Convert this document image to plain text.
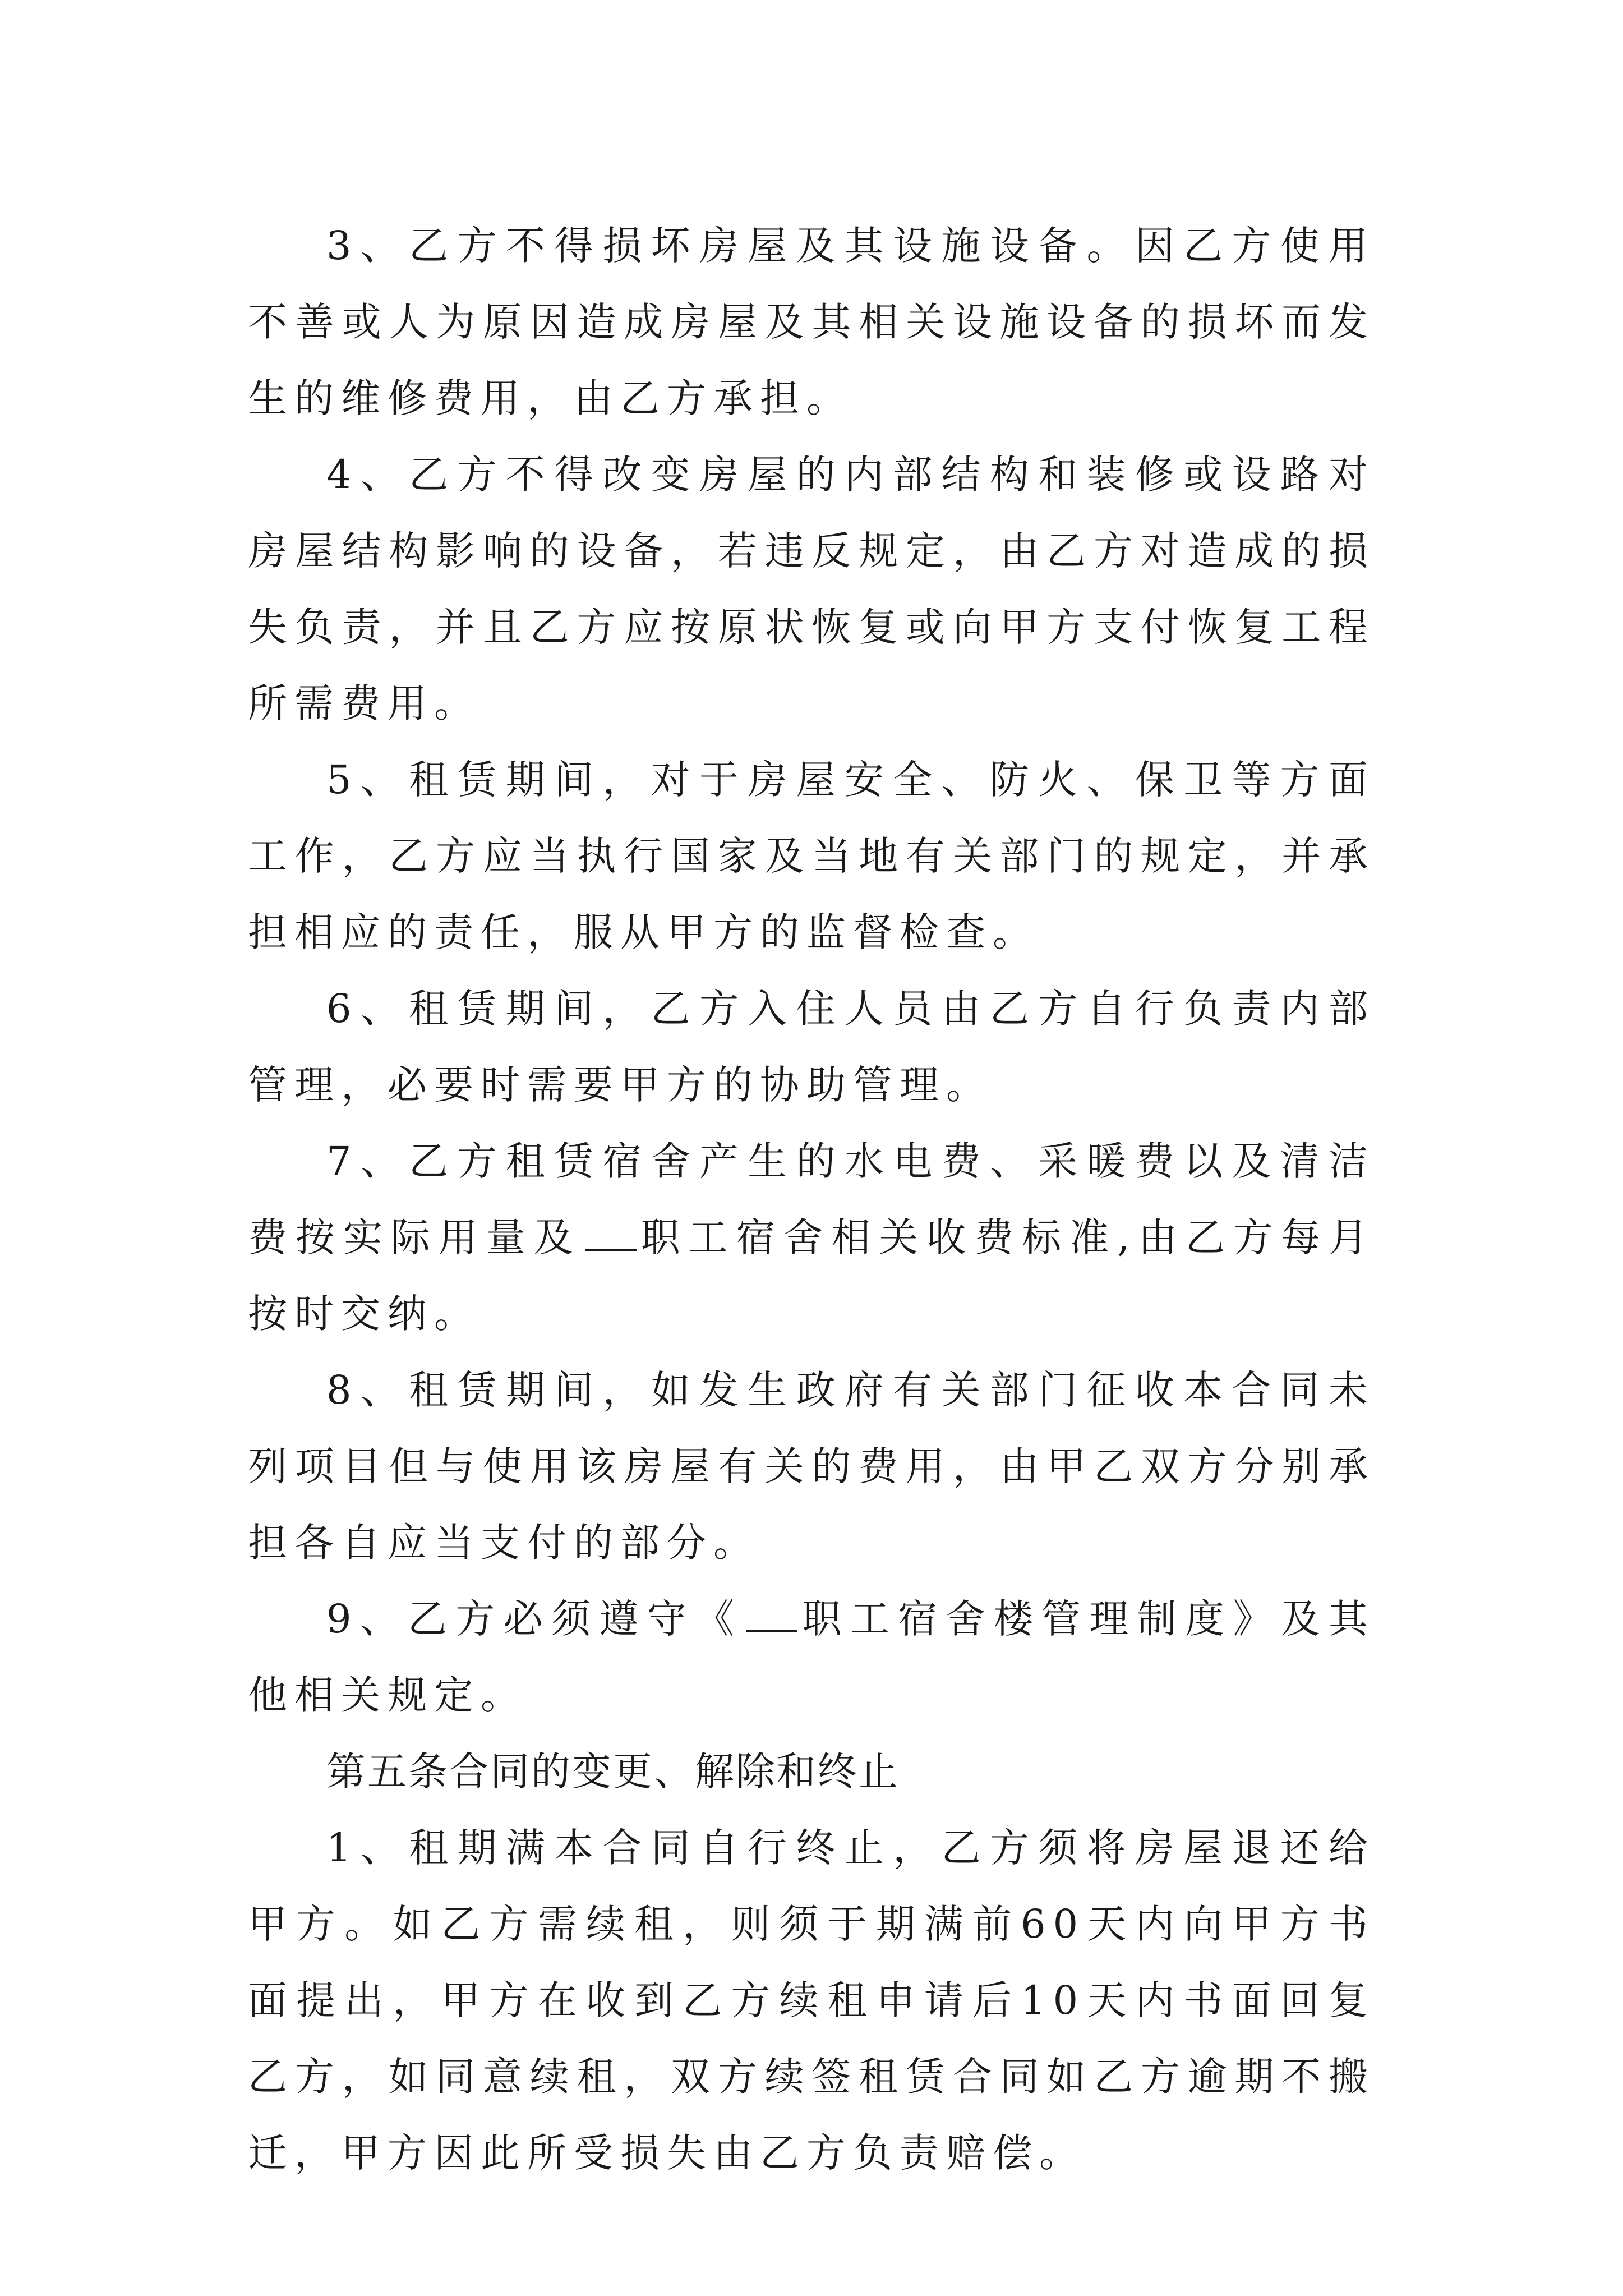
3、乙方不得损坏房屋及其设施设备。因乙方使用不善或人为原因造成房屋及其相关设施设备的损坏而发生的维修费用，由乙方承担。

4、乙方不得改变房屋的内部结构和装修或设路对房屋结构影响的设备，若违反规定，由乙方对造成的损失负责，并且乙方应按原状恢复或向甲方支付恢复工程所需费用。

5、租赁期间，对于房屋安全、防火、保卫等方面工作，乙方应当执行国家及当地有关部门的规定，并承担相应的责任，服从甲方的监督检查。

6、租赁期间，乙方入住人员由乙方自行负责内部管理，必要时需要甲方的协助管理。

7、乙方租赁宿舍产生的水电费、采暖费以及清洁费按实际用量及 职工宿舍相关收费标准,由乙方每月按时交纳。

8、租赁期间，如发生政府有关部门征收本合同未列项目但与使用该房屋有关的费用，由甲乙双方分别承担各自应当支付的部分。

9、乙方必须遵守《 职工宿舍楼管理制度》及其他相关规定。

第五条合同的变更、解除和终止

1、租期满本合同自行终止，乙方须将房屋退还给甲方。如乙方需续租，则须于期满前60天内向甲方书面提出，甲方在收到乙方续租申请后10天内书面回复乙方，如同意续租，双方续签租赁合同如乙方逾期不搬迁，甲方因此所受损失由乙方负责赔偿。
